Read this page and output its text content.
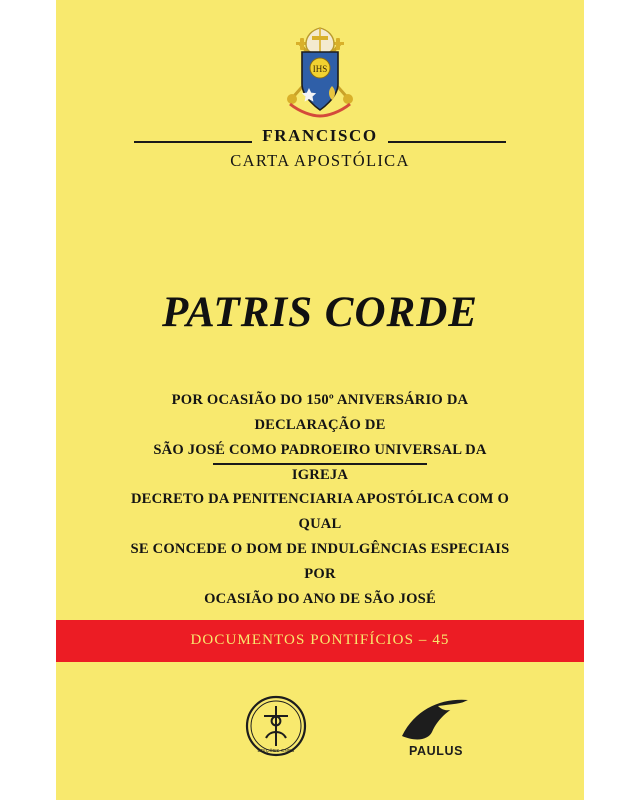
IHS
FRANCISCO
CARTA APOSTÓLICA
PATRIS CORDE
POR OCASIÃO DO 150º ANIVERSÁRIO DA DECLARAÇÃO DE
SÃO JOSÉ COMO PADROEIRO UNIVERSAL DA IGREJA
DECRETO DA PENITENCIARIA APOSTÓLICA COM O QUAL
SE CONCEDE O DOM DE INDULGÊNCIAS ESPECIAIS POR
OCASIÃO DO ANO DE SÃO JOSÉ
DOCUMENTOS PONTIFÍCIOS – 45
EDIÇÕES CNBB	PAULUS
